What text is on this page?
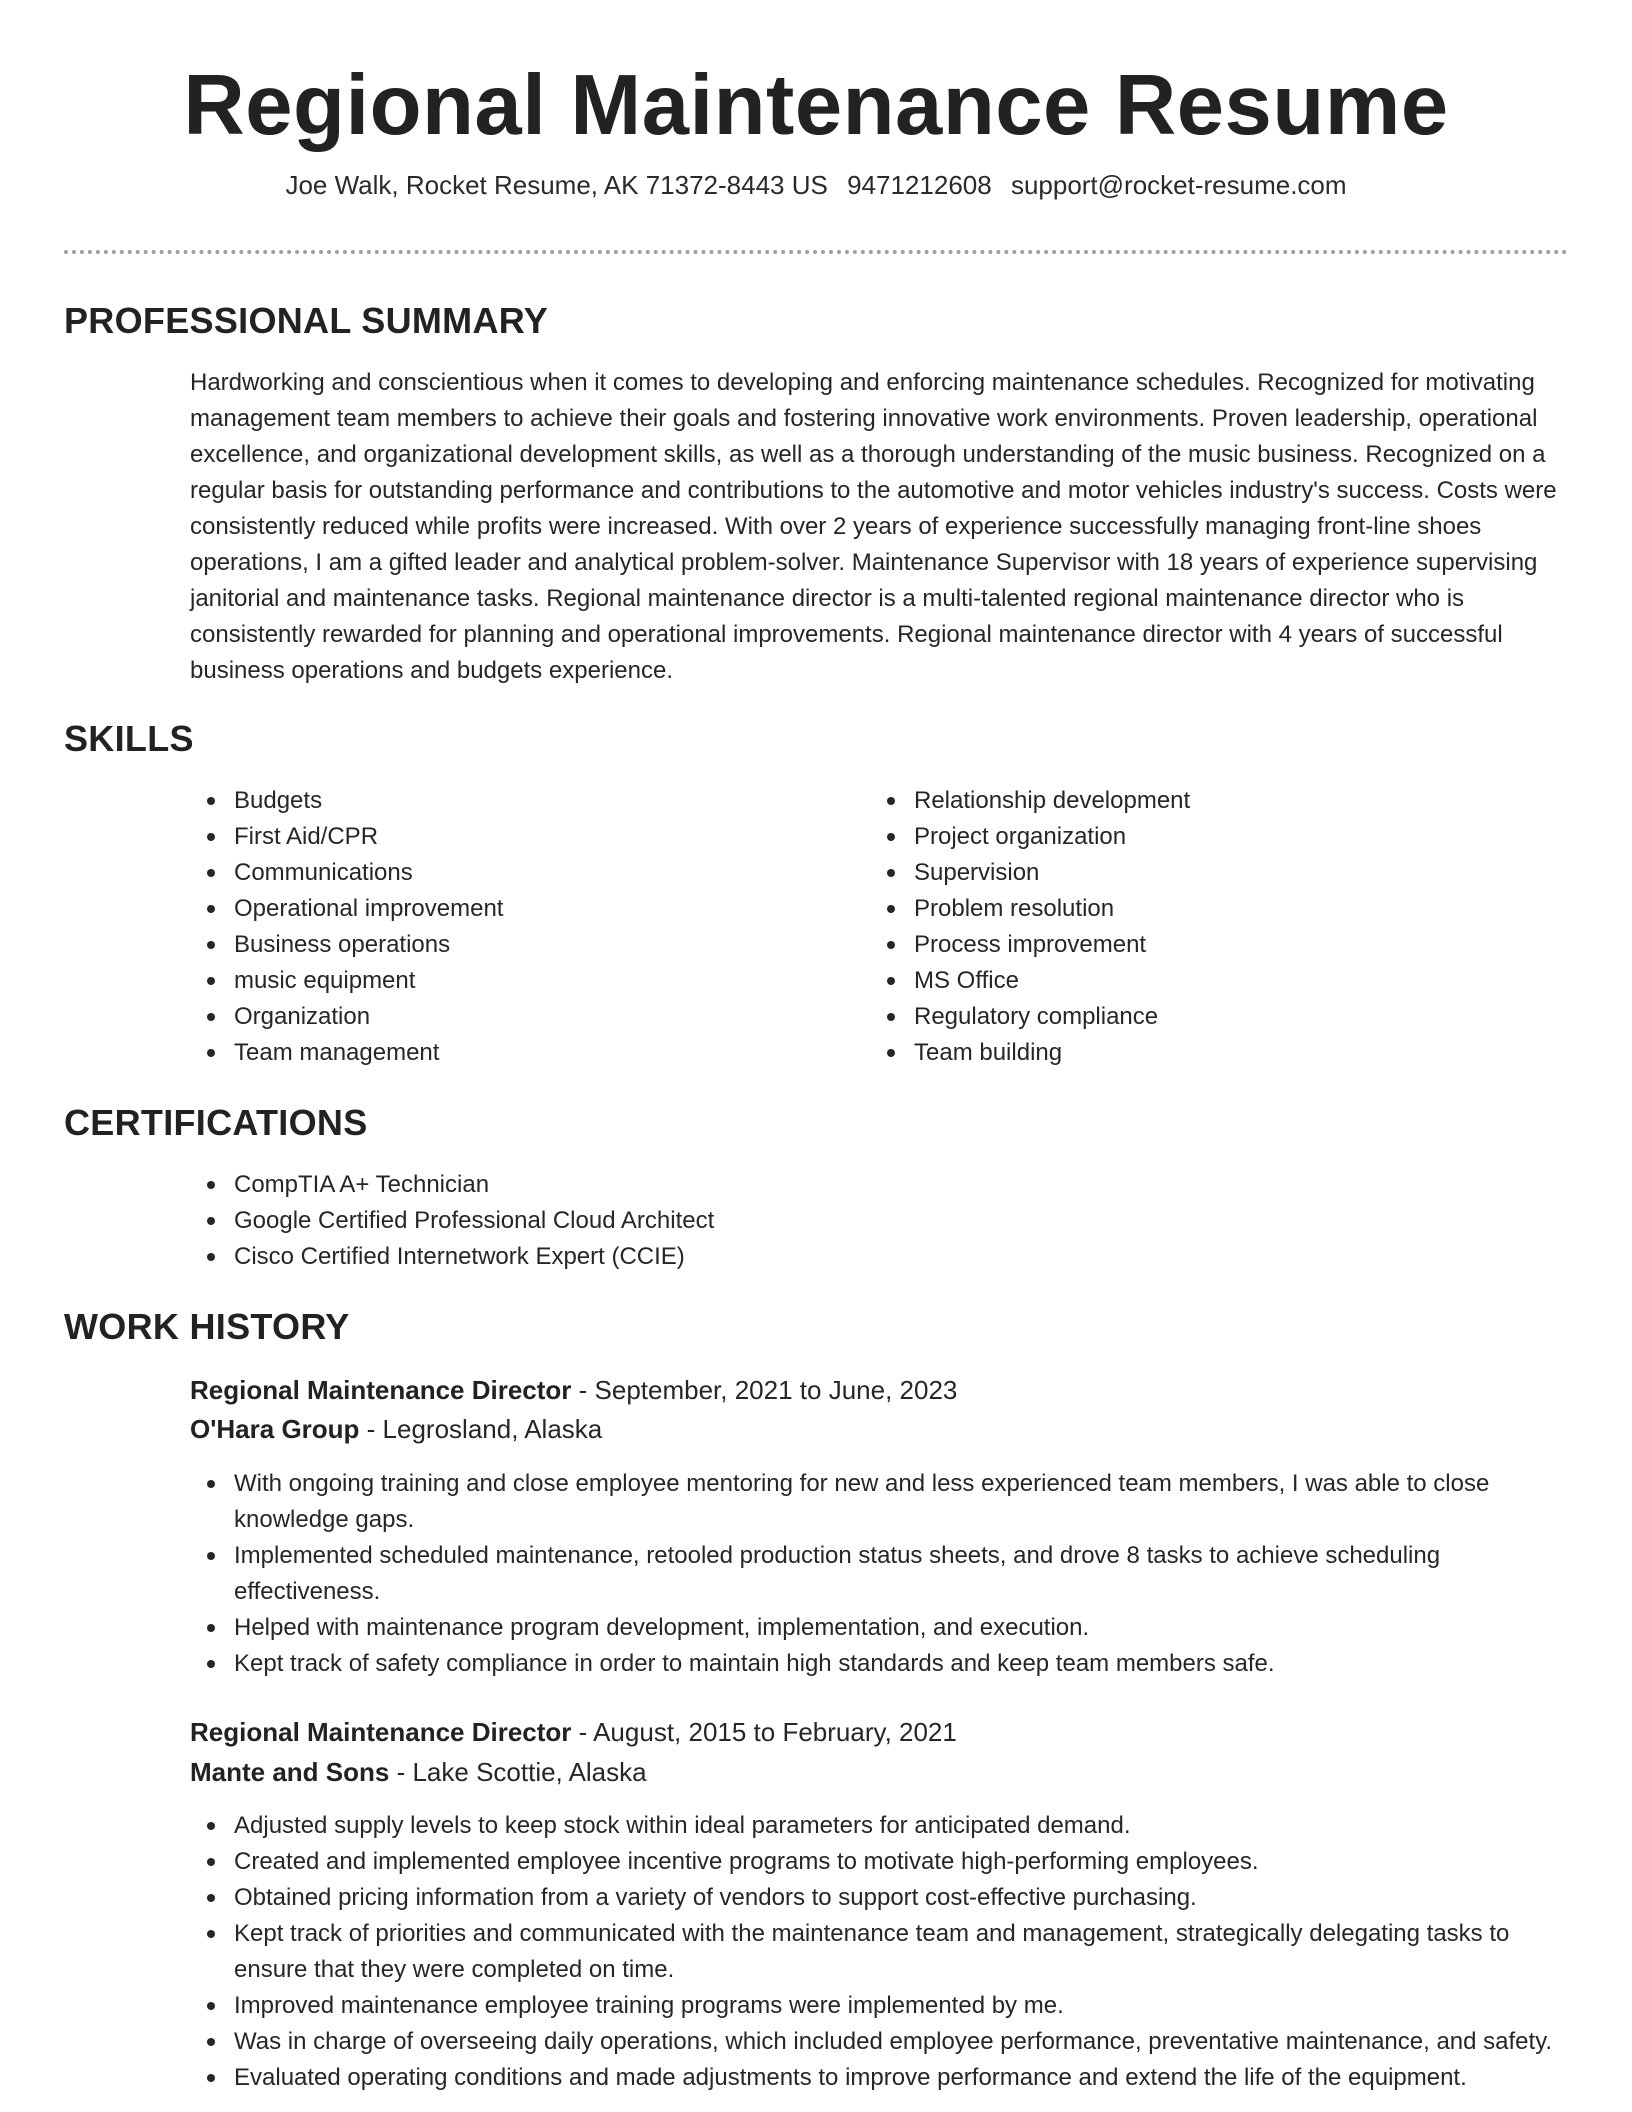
Regional Maintenance Resume
Joe Walk, Rocket Resume, AK 71372-8443 US 9471212608 support@rocket-resume.com
PROFESSIONAL SUMMARY

Hardworking and conscientious when it comes to developing and enforcing maintenance schedules. Recognized for motivating management team members to achieve their goals and fostering innovative work environments. Proven leadership, operational excellence, and organizational development skills, as well as a thorough understanding of the music business. Recognized on a regular basis for outstanding performance and contributions to the automotive and motor vehicles industry's success. Costs were consistently reduced while profits were increased. With over 2 years of experience successfully managing front-line shoes operations, I am a gifted leader and analytical problem-solver. Maintenance Supervisor with 18 years of experience supervising janitorial and maintenance tasks. Regional maintenance director is a multi-talented regional maintenance director who is consistently rewarded for planning and operational improvements. Regional maintenance director with 4 years of successful business operations and budgets experience.

SKILLS
Budgets
First Aid/CPR
Communications
Operational improvement
Business operations
music equipment
Organization
Team management
Relationship development
Project organization
Supervision
Problem resolution
Process improvement
MS Office
Regulatory compliance
Team building
CERTIFICATIONS
CompTIA A+ Technician
Google Certified Professional Cloud Architect
Cisco Certified Internetwork Expert (CCIE)
WORK HISTORY
Regional Maintenance Director - September, 2021 to June, 2023
O'Hara Group - Legrosland, Alaska
With ongoing training and close employee mentoring for new and less experienced team members, I was able to close knowledge gaps.
Implemented scheduled maintenance, retooled production status sheets, and drove 8 tasks to achieve scheduling effectiveness.
Helped with maintenance program development, implementation, and execution.
Kept track of safety compliance in order to maintain high standards and keep team members safe.
Regional Maintenance Director - August, 2015 to February, 2021
Mante and Sons - Lake Scottie, Alaska
Adjusted supply levels to keep stock within ideal parameters for anticipated demand.
Created and implemented employee incentive programs to motivate high-performing employees.
Obtained pricing information from a variety of vendors to support cost-effective purchasing.
Kept track of priorities and communicated with the maintenance team and management, strategically delegating tasks to ensure that they were completed on time.
Improved maintenance employee training programs were implemented by me.
Was in charge of overseeing daily operations, which included employee performance, preventative maintenance, and safety.
Evaluated operating conditions and made adjustments to improve performance and extend the life of the equipment.
